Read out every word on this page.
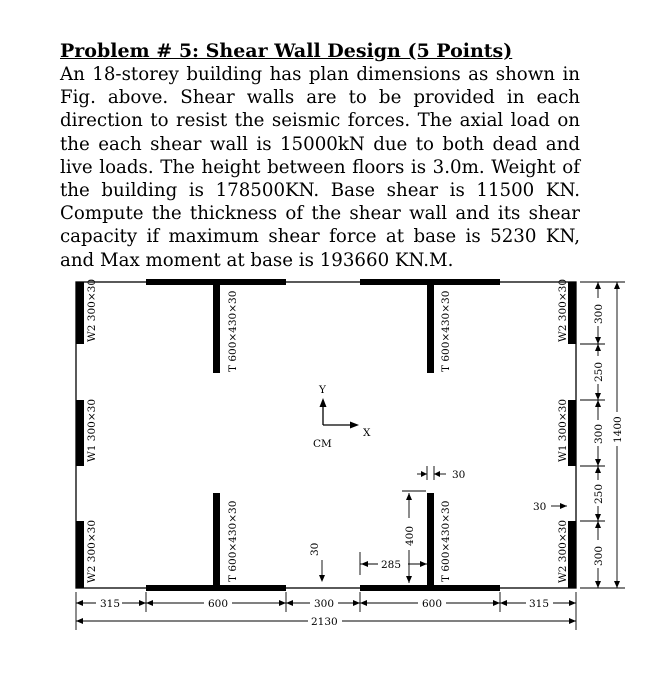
Problem # 5: Shear Wall Design (5 Points)

An 18-storey building has plan dimensions as shown in Fig. above. Shear walls are to be provided in each direction to resist the seismic forces. The axial load on the each shear wall is 15000kN due to both dead and live loads. The height between floors is 3.0m. Weight of the building is 178500KN. Base shear is 11500 KN. Compute the thickness of the shear wall and its shear capacity if maximum shear force at base is 5230 KN, and Max moment at base is 193660 KN.M.

W2 300×30
W1 300×30
W2 300×30
W2 300×30
W1 300×30
W2 300×30
T 600×430×30	T 600×430×30
T 600×430×30	T 600×430×30
Y
X
CM
30
285
400
30
30
315	600	300	600	315
2130
300
250
300
250
300
1400
